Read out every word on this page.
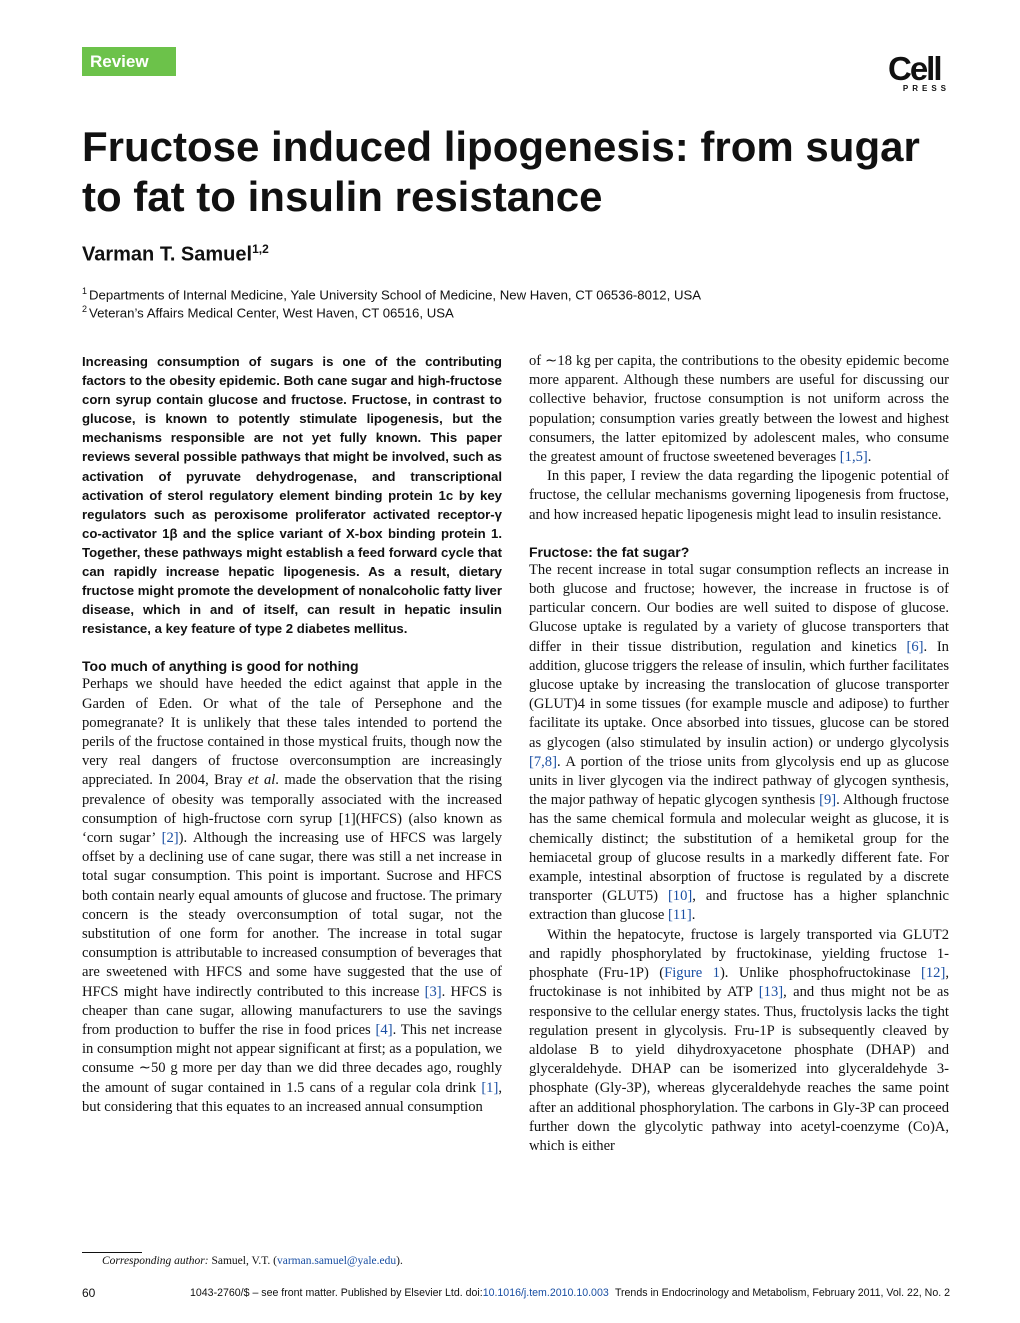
Review	Cell
PRESS
Fructose induced lipogenesis: from sugar to fat to insulin resistance
Varman T. Samuel$^{1,2}$
$^1$ Departments of Internal Medicine, Yale University School of Medicine, New Haven, CT 06536-8012, USA
$^2$ Veteran’s Affairs Medical Center, West Haven, CT 06516, USA

Increasing consumption of sugars is one of the contributing factors to the obesity epidemic. Both cane sugar and high-fructose corn syrup contain glucose and fructose. Fructose, in contrast to glucose, is known to potently stimulate lipogenesis, but the mechanisms responsible are not yet fully known. This paper reviews several possible pathways that might be involved, such as activation of pyruvate dehydrogenase, and transcriptional activation of sterol regulatory element binding protein 1c by key regulators such as peroxisome proliferator activated receptor-γ co-activator 1β and the splice variant of X-box binding protein 1. Together, these pathways might establish a feed forward cycle that can rapidly increase hepatic lipogenesis. As a result, dietary fructose might promote the development of nonalcoholic fatty liver disease, which in and of itself, can result in hepatic insulin resistance, a key feature of type 2 diabetes mellitus.

Too much of anything is good for nothing

Perhaps we should have heeded the edict against that apple in the Garden of Eden. Or what of the tale of Persephone and the pomegranate? It is unlikely that these tales intended to portend the perils of the fructose contained in those mystical fruits, though now the very real dangers of fructose overconsumption are increasingly appreciated. In 2004, Bray et al. made the observation that the rising prevalence of obesity was temporally associated with the increased consumption of high-fructose corn syrup [1](HFCS) (also known as ‘corn sugar’ [2]). Although the increasing use of HFCS was largely offset by a declining use of cane sugar, there was still a net increase in total sugar consumption. This point is important. Sucrose and HFCS both contain nearly equal amounts of glucose and fructose. The primary concern is the steady overconsumption of total sugar, not the substitution of one form for another. The increase in total sugar consumption is attributable to increased consumption of beverages that are sweetened with HFCS and some have suggested that the use of HFCS might have indirectly contributed to this increase [3]. HFCS is cheaper than cane sugar, allowing manufacturers to use the savings from production to buffer the rise in food prices [4]. This net increase in consumption might not appear significant at first; as a population, we consume ∼50 g more per day than we did three decades ago, roughly the amount of sugar contained in 1.5 cans of a regular cola drink [1], but considering that this equates to an increased annual consumption

of ∼18 kg per capita, the contributions to the obesity epidemic become more apparent. Although these numbers are useful for discussing our collective behavior, fructose consumption is not uniform across the population; consumption varies greatly between the lowest and highest consumers, the latter epitomized by adolescent males, who consume the greatest amount of fructose sweetened beverages [1,5].

In this paper, I review the data regarding the lipogenic potential of fructose, the cellular mechanisms governing lipogenesis from fructose, and how increased hepatic lipogenesis might lead to insulin resistance.

Fructose: the fat sugar?

The recent increase in total sugar consumption reflects an increase in both glucose and fructose; however, the increase in fructose is of particular concern. Our bodies are well suited to dispose of glucose. Glucose uptake is regulated by a variety of glucose transporters that differ in their tissue distribution, regulation and kinetics [6]. In addition, glucose triggers the release of insulin, which further facilitates glucose uptake by increasing the translocation of glucose transporter (GLUT)4 in some tissues (for example muscle and adipose) to further facilitate its uptake. Once absorbed into tissues, glucose can be stored as glycogen (also stimulated by insulin action) or undergo glycolysis [7,8]. A portion of the triose units from glycolysis end up as glucose units in liver glycogen via the indirect pathway of glycogen synthesis, the major pathway of hepatic glycogen synthesis [9]. Although fructose has the same chemical formula and molecular weight as glucose, it is chemically distinct; the substitution of a hemiketal group for the hemiacetal group of glucose results in a markedly different fate. For example, intestinal absorption of fructose is regulated by a discrete transporter (GLUT5) [10], and fructose has a higher splanchnic extraction than glucose [11].

Within the hepatocyte, fructose is largely transported via GLUT2 and rapidly phosphorylated by fructokinase, yielding fructose 1-phosphate (Fru-1P) (Figure 1). Unlike phosphofructokinase [12], fructokinase is not inhibited by ATP [13], and thus might not be as responsive to the cellular energy states. Thus, fructolysis lacks the tight regulation present in glycolysis. Fru-1P is subsequently cleaved by aldolase B to yield dihydroxyacetone phosphate (DHAP) and glyceraldehyde. DHAP can be isomerized into glyceraldehyde 3-phosphate (Gly-3P), whereas glyceraldehyde reaches the same point after an additional phosphorylation. The carbons in Gly-3P can proceed further down the glycolytic pathway into acetyl-coenzyme (Co)A, which is either

Corresponding author: Samuel, V.T. (varman.samuel@yale.edu).
60	1043-2760/$ – see front matter. Published by Elsevier Ltd. doi:10.1016/j.tem.2010.10.003 Trends in Endocrinology and Metabolism, February 2011, Vol. 22, No. 2
